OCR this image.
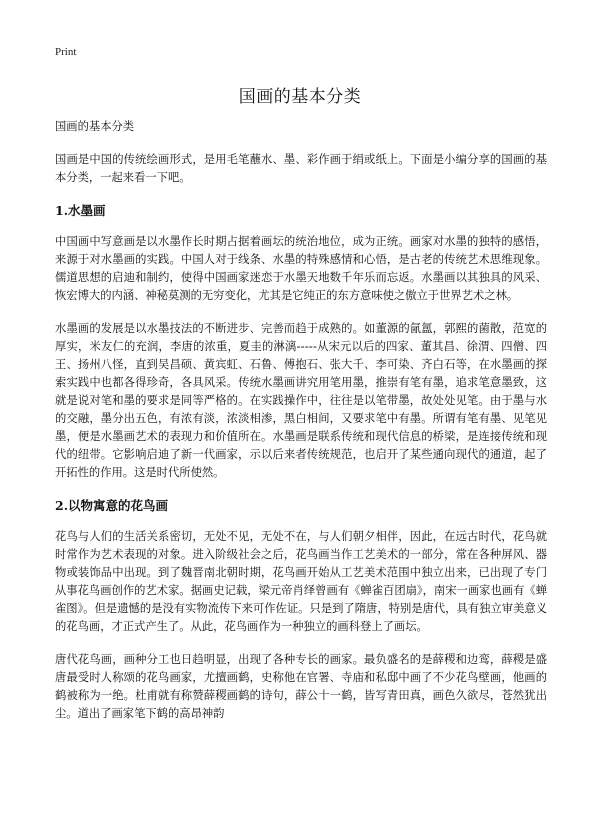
Print
国画的基本分类

国画的基本分类

国画是中国的传统绘画形式，是用毛笔蘸水、墨、彩作画于绢或纸上。下面是小编分享的国画的基本分类，一起来看一下吧。

1.水墨画

中国画中写意画是以水墨作长时期占据着画坛的统治地位，成为正统。画家对水墨的独特的感悟，来源于对水墨画的实践。中国人对于线条、水墨的特殊感情和心悟，是古老的传统艺术思维现象。儒道思想的启迪和制约，使得中国画家迷恋于水墨天地数千年乐而忘返。水墨画以其独具的风采、恢宏博大的内涵、神秘莫测的无穷变化，尤其是它纯正的东方意味使之傲立于世界艺术之林。

水墨画的发展是以水墨技法的不断进步、完善而趋于成熟的。如董源的氤氲，郭熙的菌散，范宽的厚实，米友仁的充润，李唐的浓重，夏圭的淋漓-----从宋元以后的四家、董其昌、徐渭、四僧、四王、扬州八怪，直到吴昌硕、黄宾虹、石鲁、傅抱石、张大千、李可染、齐白石等，在水墨画的探索实践中也都各得珍奇，各具风采。传统水墨画讲究用笔用墨，推崇有笔有墨，追求笔意墨致，这就是说对笔和墨的要求是同等严格的。在实践操作中，往往是以笔带墨，故处处见笔。由于墨与水的交融，墨分出五色，有浓有淡，浓淡相渗，黑白相间，又要求笔中有墨。所谓有笔有墨、见笔见墨，便是水墨画艺术的表现力和价值所在。水墨画是联系传统和现代信息的桥梁，是连接传统和现代的纽带。它影响启迪了新一代画家，示以后来者传统规范，也启开了某些通向现代的通道，起了开拓性的作用。这是时代所使然。

2.以物寓意的花鸟画

花鸟与人们的生活关系密切，无处不见，无处不在，与人们朝夕相伴，因此，在远古时代，花鸟就时常作为艺术表现的对象。进入阶级社会之后，花鸟画当作工艺美术的一部分，常在各种屏风、器物或装饰品中出现。到了魏晋南北朝时期，花鸟画开始从工艺美术范围中独立出来，已出现了专门从事花鸟画创作的艺术家。据画史记载，梁元帝肖绎曾画有《蝉雀百团扇》，南宋一画家也画有《蝉雀图》。但是遗憾的是没有实物流传下来可作佐证。只是到了隋唐，特别是唐代，具有独立审美意义的花鸟画，才正式产生了。从此，花鸟画作为一种独立的画科登上了画坛。

唐代花鸟画，画种分工也日趋明显，出现了各种专长的画家。最负盛名的是薛稷和边鸾，薛稷是盛唐最受时人称颂的花鸟画家，尤擅画鹤，史称他在官署、寺庙和私邸中画了不少花鸟壁画，他画的鹤被称为一绝。杜甫就有称赞薛稷画鹤的诗句，薛公十一鹤，皆写青田真，画色久欲尽，苍然犹出尘。道出了画家笔下鹤的高昂神韵
